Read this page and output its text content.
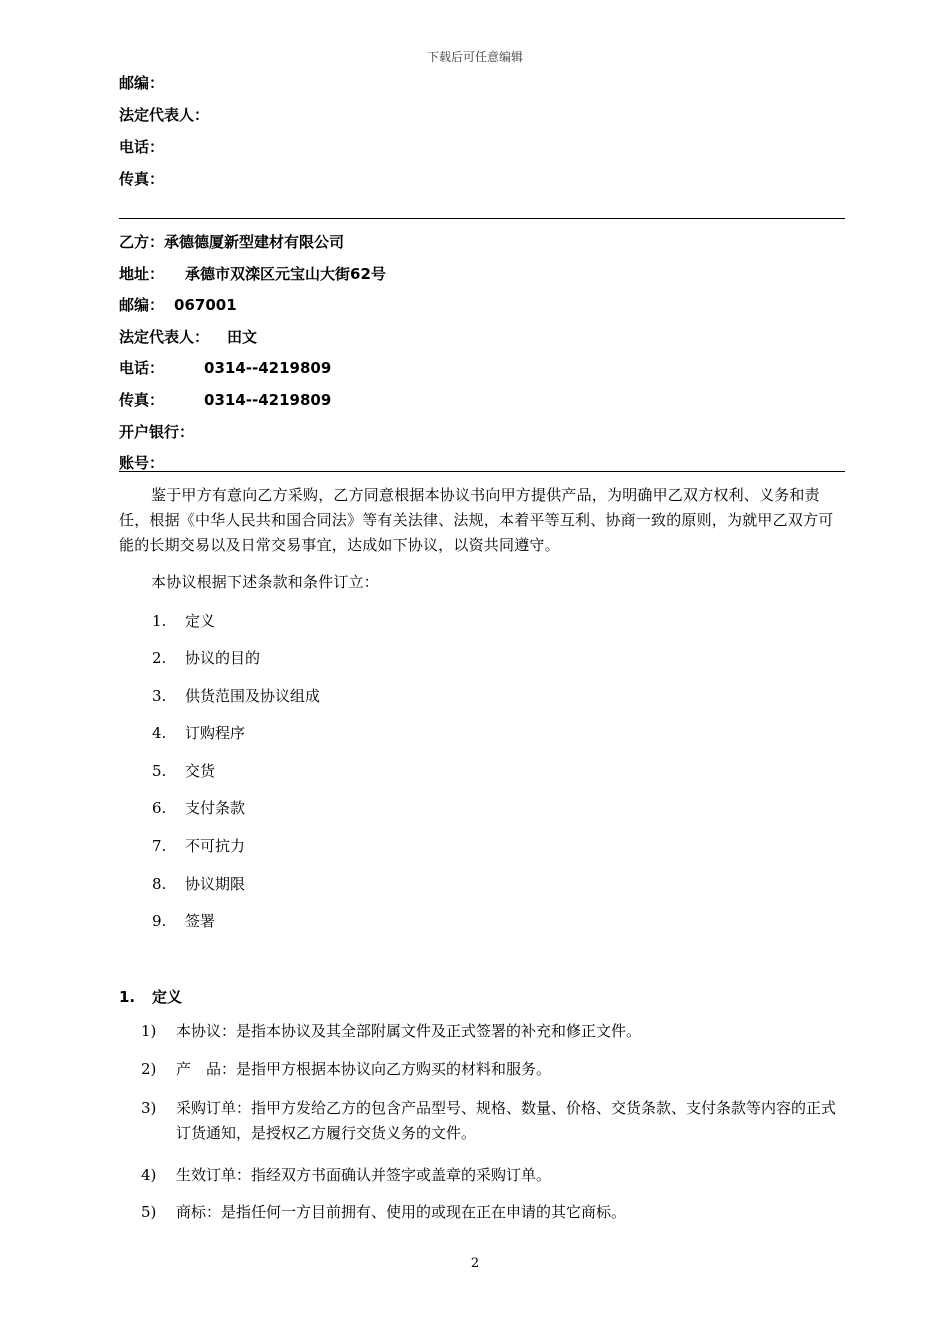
下载后可任意编辑
邮编：
法定代表人：
电话：
传真：
乙方：承德德厦新型建材有限公司
地址： 承德市双滦区元宝山大街62号
邮编： 067001
法定代表人： 田文
电话：	0314--4219809
传真：	0314--4219809
开户银行：
账号：
鉴于甲方有意向乙方采购，乙方同意根据本协议书向甲方提供产品，为明确甲乙双方权利、义务和责任，根据《中华人民共和国合同法》等有关法律、法规，本着平等互利、协商一致的原则，为就甲乙双方可能的长期交易以及日常交易事宜，达成如下协议，以资共同遵守。
本协议根据下述条款和条件订立：
1. 定义
2. 协议的目的
3. 供货范围及协议组成
4. 订购程序
5. 交货
6. 支付条款
7. 不可抗力
8. 协议期限
9. 签署
1. 定义
1) 本协议：是指本协议及其全部附属文件及正式签署的补充和修正文件。
2) 产　品：是指甲方根据本协议向乙方购买的材料和服务。
3) 采购订单：指甲方发给乙方的包含产品型号、规格、数量、价格、交货条款、支付条款等内容的正式订货通知，是授权乙方履行交货义务的文件。
4) 生效订单：指经双方书面确认并签字或盖章的采购订单。
5) 商标：是指任何一方目前拥有、使用的或现在正在申请的其它商标。
2
